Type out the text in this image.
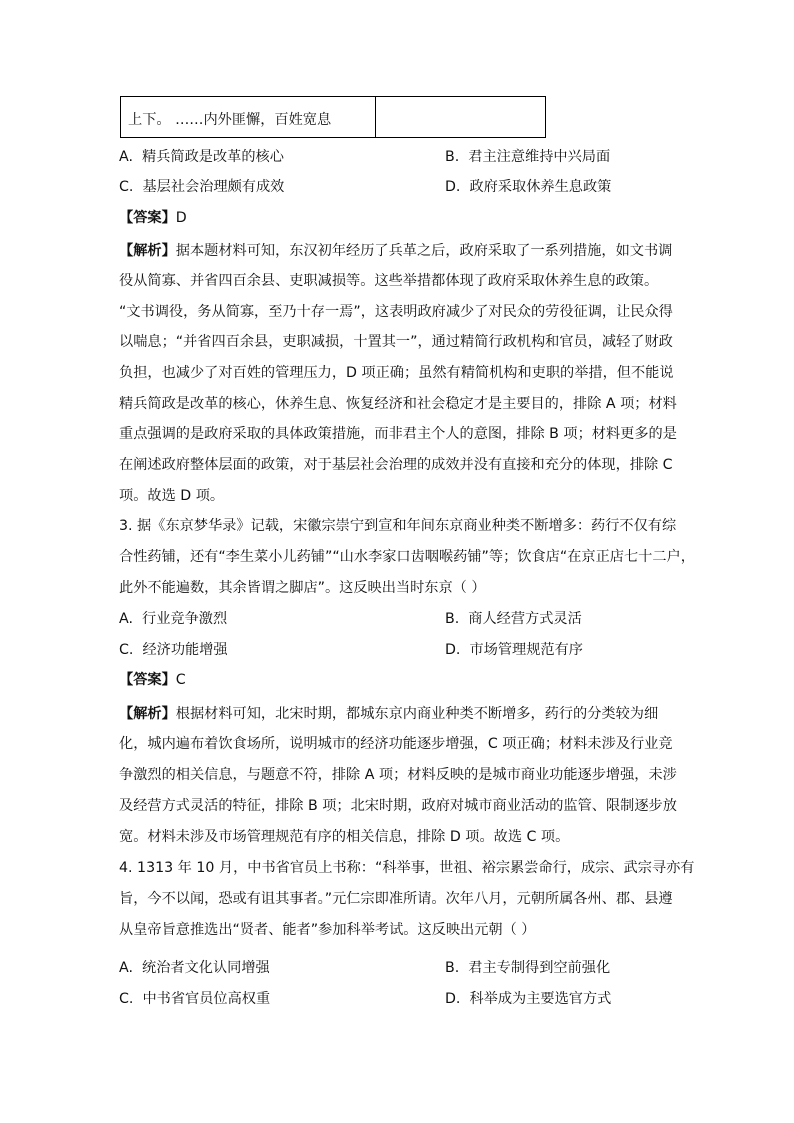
上下。 ……内外匪懈，百姓宽息
A. 精兵简政是改革的核心	B. 君主注意维持中兴局面
C. 基层社会治理颇有成效	D. 政府采取休养生息政策
【答案】D
【解析】据本题材料可知，东汉初年经历了兵革之后，政府采取了一系列措施，如文书调
役从简寡、并省四百余县、吏职减损等。这些举措都体现了政府采取休养生息的政策。
“文书调役，务从简寡，至乃十存一焉”，这表明政府减少了对民众的劳役征调，让民众得
以喘息；“并省四百余县，吏职减损，十置其一”，通过精简行政机构和官员，减轻了财政
负担，也减少了对百姓的管理压力，D 项正确；虽然有精简机构和吏职的举措，但不能说
精兵简政是改革的核心，休养生息、恢复经济和社会稳定才是主要目的，排除 A 项；材料
重点强调的是政府采取的具体政策措施，而非君主个人的意图，排除 B 项；材料更多的是
在阐述政府整体层面的政策，对于基层社会治理的成效并没有直接和充分的体现，排除 C
项。故选 D 项。
3. 据《东京梦华录》记载，宋徽宗崇宁到宣和年间东京商业种类不断增多：药行不仅有综
合性药铺，还有“李生菜小儿药铺”“山水李家口齿咽喉药铺”等；饮食店“在京正店七十二户，
此外不能遍数，其余皆谓之脚店”。这反映出当时东京（ ）
A. 行业竞争激烈	B. 商人经营方式灵活
C. 经济功能增强	D. 市场管理规范有序
【答案】C
【解析】根据材料可知，北宋时期，都城东京内商业种类不断增多，药行的分类较为细
化，城内遍布着饮食场所，说明城市的经济功能逐步增强，C 项正确；材料未涉及行业竞
争激烈的相关信息，与题意不符，排除 A 项；材料反映的是城市商业功能逐步增强，未涉
及经营方式灵活的特征，排除 B 项；北宋时期，政府对城市商业活动的监管、限制逐步放
宽。材料未涉及市场管理规范有序的相关信息，排除 D 项。故选 C 项。
4. 1313 年 10 月，中书省官员上书称：“科举事，世祖、裕宗累尝命行，成宗、武宗寻亦有
旨，今不以闻，恐或有诅其事者。”元仁宗即准所请。次年八月，元朝所属各州、郡、县遵
从皇帝旨意推选出“贤者、能者”参加科举考试。这反映出元朝（ ）
A. 统治者文化认同增强	B. 君主专制得到空前强化
C. 中书省官员位高权重	D. 科举成为主要选官方式
